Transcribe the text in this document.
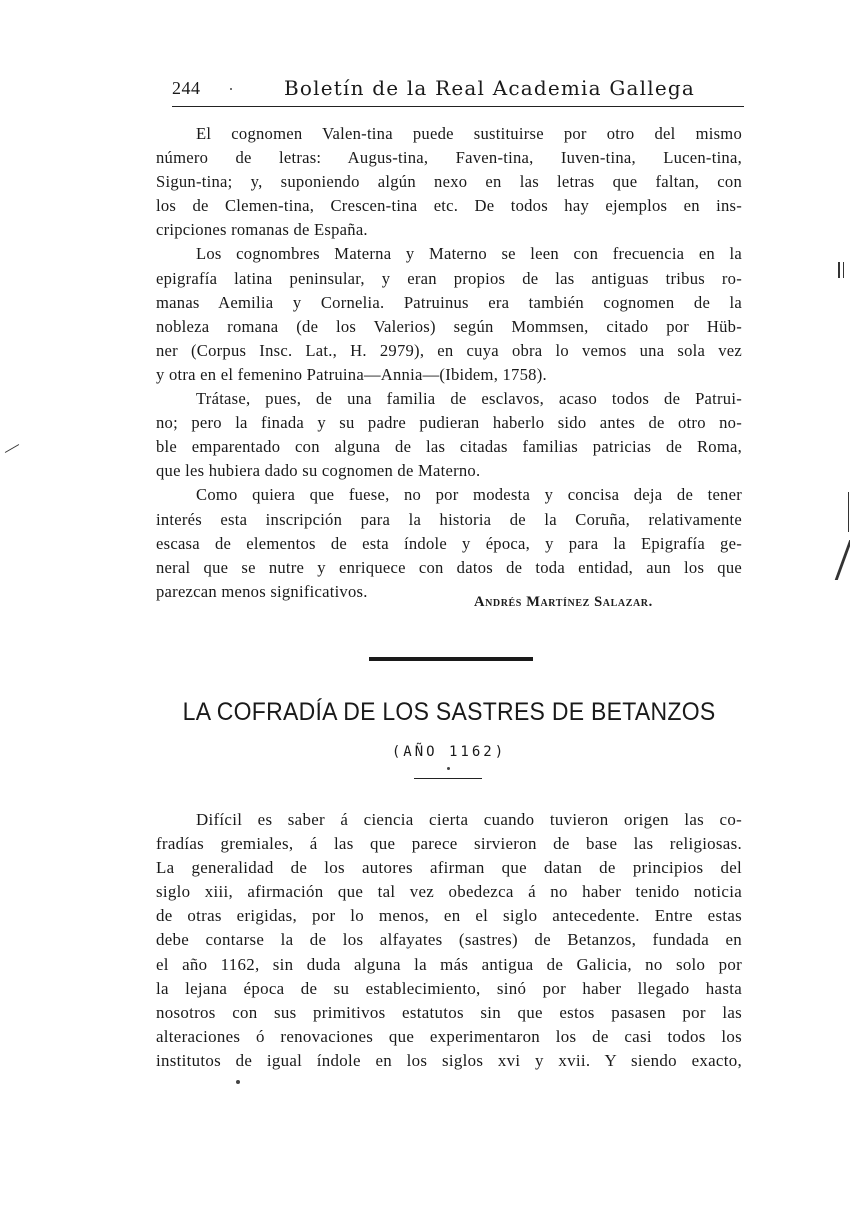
244	Boletín de la Real Academia Gallega
El cognomen Valen-tina puede sustituirse por otro del mismo
número de letras: Augus-tina, Faven-tina, Iuven-tina, Lucen-tina,
Sigun-tina; y, suponiendo algún nexo en las letras que faltan, con
los de Clemen-tina, Crescen-tina etc. De todos hay ejemplos en ins-
cripciones romanas de España.
Los cognombres Materna y Materno se leen con frecuencia en la
epigrafía latina peninsular, y eran propios de las antiguas tribus ro-
manas Aemilia y Cornelia. Patruinus era también cognomen de la
nobleza romana (de los Valerios) según Mommsen, citado por Hüb-
ner (Corpus Insc. Lat., H. 2979), en cuya obra lo vemos una sola vez
y otra en el femenino Patruina—Annia—(Ibidem, 1758).
Trátase, pues, de una familia de esclavos, acaso todos de Patrui-
no; pero la finada y su padre pudieran haberlo sido antes de otro no-
ble emparentado con alguna de las citadas familias patricias de Roma,
que les hubiera dado su cognomen de Materno.
Como quiera que fuese, no por modesta y concisa deja de tener
interés esta inscripción para la historia de la Coruña, relativamente
escasa de elementos de esta índole y época, y para la Epigrafía ge-
neral que se nutre y enriquece con datos de toda entidad, aun los que
parezcan menos significativos.
Andrés Martínez Salazar.
LA COFRADÍA DE LOS SASTRES DE BETANZOS
(AÑO 1162)
Difícil es saber á ciencia cierta cuando tuvieron origen las co-
fradías gremiales, á las que parece sirvieron de base las religiosas.
La generalidad de los autores afirman que datan de principios del
siglo xiii, afirmación que tal vez obedezca á no haber tenido noticia
de otras erigidas, por lo menos, en el siglo antecedente. Entre estas
debe contarse la de los alfayates (sastres) de Betanzos, fundada en
el año 1162, sin duda alguna la más antigua de Galicia, no solo por
la lejana época de su establecimiento, sinó por haber llegado hasta
nosotros con sus primitivos estatutos sin que estos pasasen por las
alteraciones ó renovaciones que experimentaron los de casi todos los
institutos de igual índole en los siglos xvi y xvii. Y siendo exacto,
